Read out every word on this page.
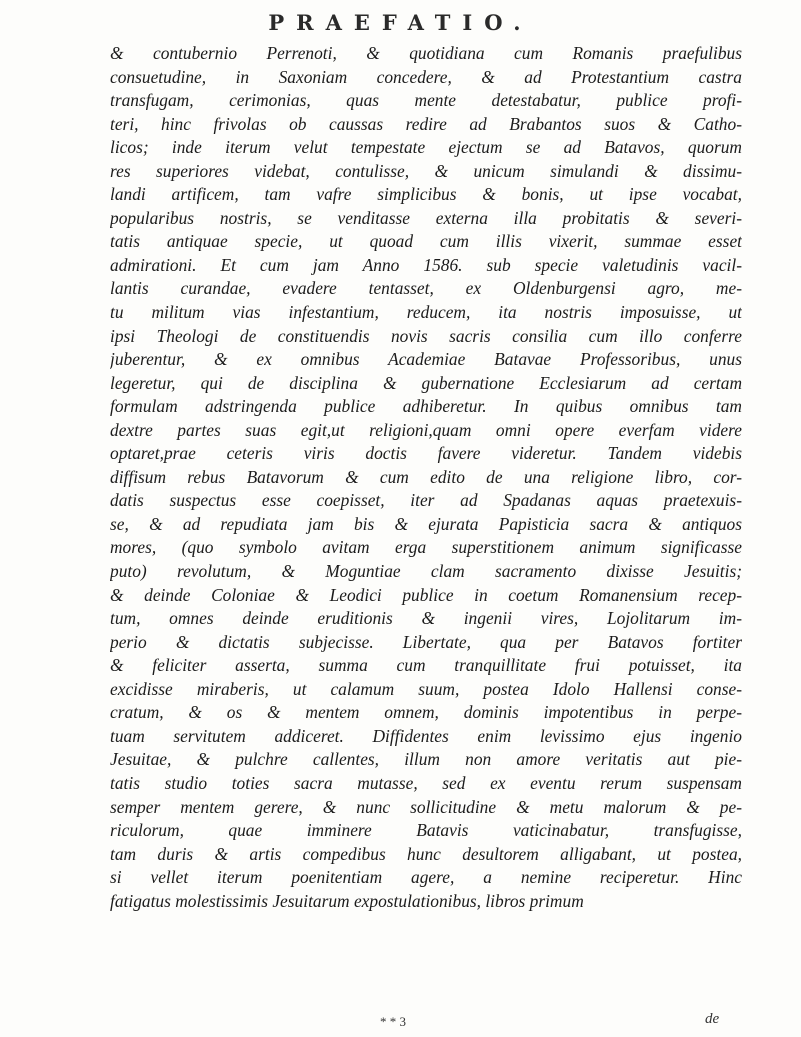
PRAEFATIO.
& contubernio Perrenoti, & quotidiana cum Romanis praefulibus
consuetudine, in Saxoniam concedere, & ad Protestantium castra
transfugam, cerimonias, quas mente detestabatur, publice profi-
teri, hinc frivolas ob caussas redire ad Brabantos suos & Catho-
licos; inde iterum velut tempestate ejectum se ad Batavos, quorum
res superiores videbat, contulisse, & unicum simulandi & dissimu-
landi artificem, tam vafre simplicibus & bonis, ut ipse vocabat,
popularibus nostris, se venditasse externa illa probitatis & severi-
tatis antiquae specie, ut quoad cum illis vixerit, summae esset
admirationi. Et cum jam Anno 1586. sub specie valetudinis vacil-
lantis curandae, evadere tentasset, ex Oldenburgensi agro, me-
tu militum vias infestantium, reducem, ita nostris imposuisse, ut
ipsi Theologi de constituendis novis sacris consilia cum illo conferre
juberentur, & ex omnibus Academiae Batavae Professoribus, unus
legeretur, qui de disciplina & gubernatione Ecclesiarum ad certam
formulam adstringenda publice adhiberetur. In quibus omnibus tam
dextre partes suas egit,ut religioni,quam omni opere everfam videre
optaret,prae ceteris viris doctis favere videretur. Tandem videbis
diffisum rebus Batavorum & cum edito de una religione libro, cor-
datis suspectus esse coepisset, iter ad Spadanas aquas praetexuis-
se, & ad repudiata jam bis & ejurata Papisticia sacra & antiquos
mores, (quo symbolo avitam erga superstitionem animum significasse
puto) revolutum, & Moguntiae clam sacramento dixisse Jesuitis;
& deinde Coloniae & Leodici publice in coetum Romanensium recep-
tum, omnes deinde eruditionis & ingenii vires, Lojolitarum im-
perio & dictatis subjecisse. Libertate, qua per Batavos fortiter
& feliciter asserta, summa cum tranquillitate frui potuisset, ita
excidisse miraberis, ut calamum suum, postea Idolo Hallensi conse-
cratum, & os & mentem omnem, dominis impotentibus in perpe-
tuam servitutem addiceret. Diffidentes enim levissimo ejus ingenio
Jesuitae, & pulchre callentes, illum non amore veritatis aut pie-
tatis studio toties sacra mutasse, sed ex eventu rerum suspensam
semper mentem gerere, & nunc sollicitudine & metu malorum & pe-
riculorum, quae imminere Batavis vaticinabatur, transfugisse,
tam duris & artis compedibus hunc desultorem alligabant, ut postea,
si vellet iterum poenitentiam agere, a nemine reciperetur. Hinc
fatigatus molestissimis Jesuitarum expostulationibus, libros primum
* * 3	de
